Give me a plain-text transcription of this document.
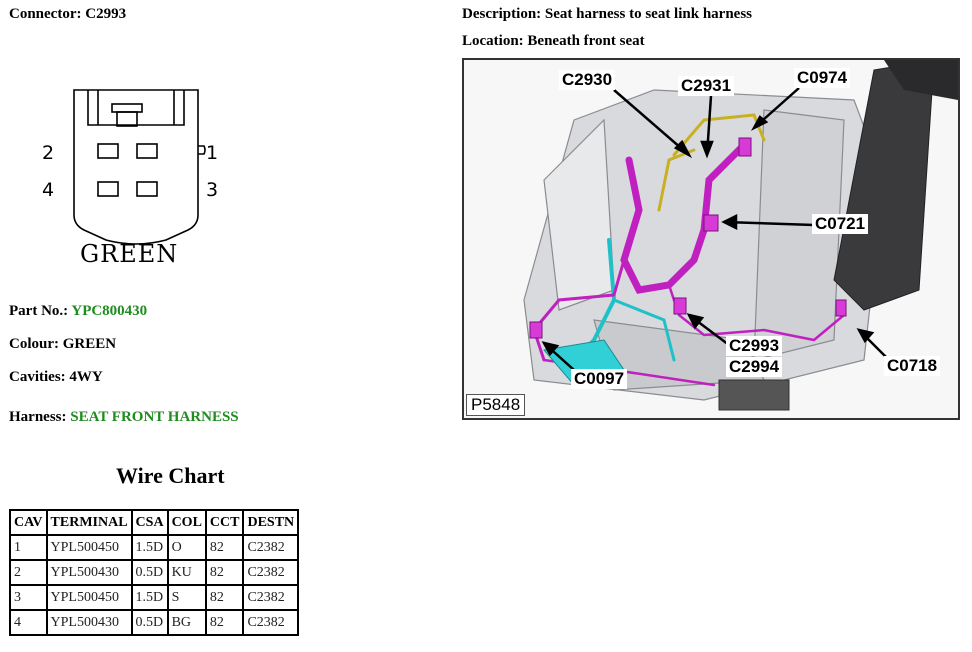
Connector: C2993	Description: Seat harness to seat link harness
Location: Beneath front seat
2	1
4	3
GREEN
Part No.: YPC800430
Colour: GREEN
Cavities: 4WY
Harness: SEAT FRONT HARNESS
Wire Chart
CAV	TERMINAL	CSA	COL	CCT	DESTN
1	YPL500450	1.5D	O	82	C2382
2	YPL500430	0.5D	KU	82	C2382
3	YPL500450	1.5D	S	82	C2382
4	YPL500430	0.5D	BG	82	C2382
C2930	C2931	C0974
C0721
C2993
C2994
C0097
C0718
P5848
